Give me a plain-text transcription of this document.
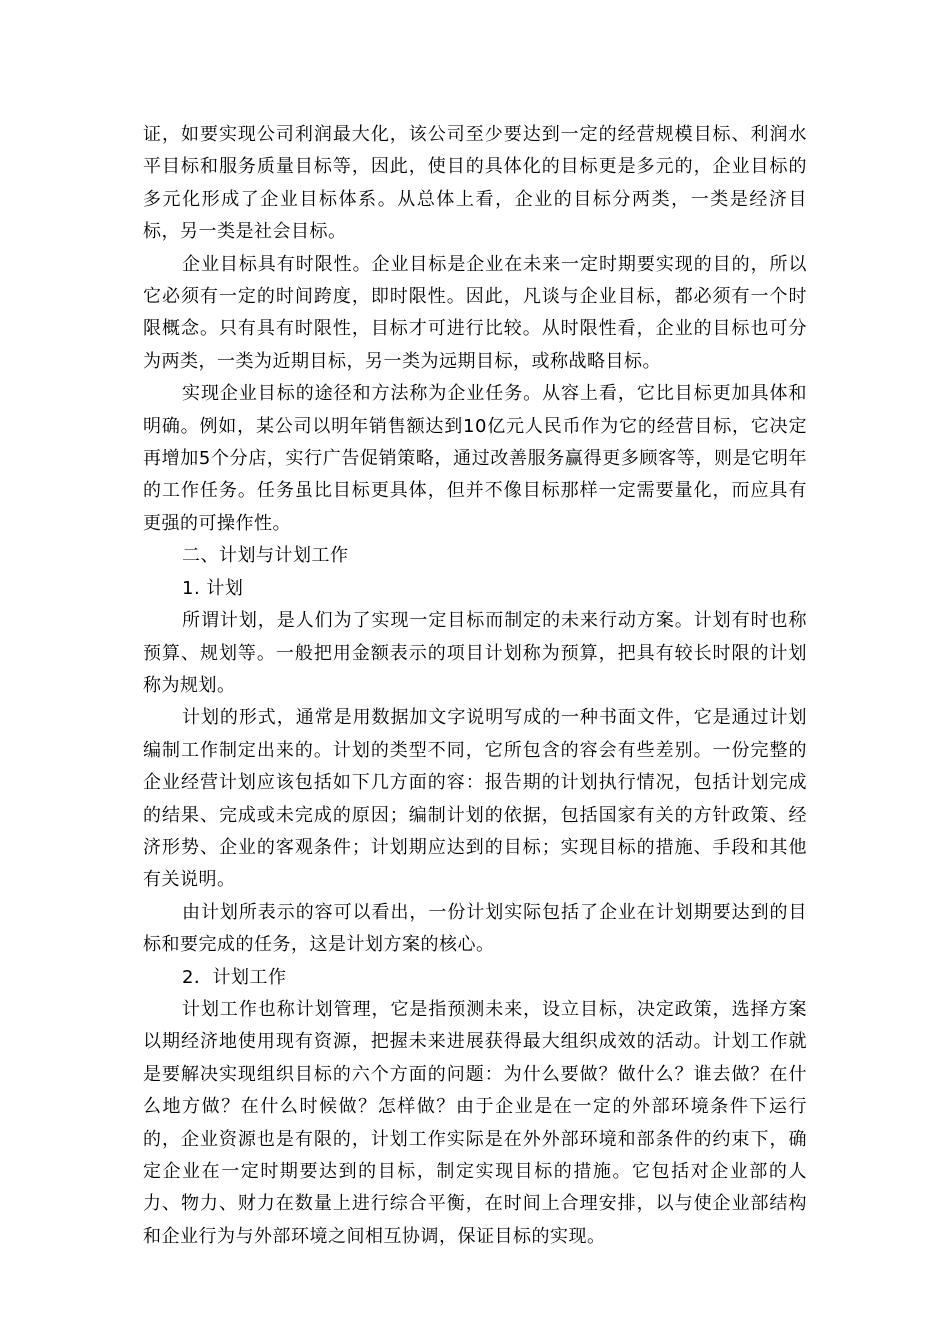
证，如要实现公司利润最大化，该公司至少要达到一定的经营规模目标、利润水平目标和服务质量目标等，因此，使目的具体化的目标更是多元的，企业目标的多元化形成了企业目标体系。从总体上看，企业的目标分两类，一类是经济目标，另一类是社会目标。

企业目标具有时限性。企业目标是企业在未来一定时期要实现的目的，所以它必须有一定的时间跨度，即时限性。因此，凡谈与企业目标，都必须有一个时限概念。只有具有时限性，目标才可进行比较。从时限性看，企业的目标也可分为两类，一类为近期目标，另一类为远期目标，或称战略目标。

实现企业目标的途径和方法称为企业任务。从容上看，它比目标更加具体和明确。例如，某公司以明年销售额达到10亿元人民币作为它的经营目标，它决定再增加5个分店，实行广告促销策略，通过改善服务赢得更多顾客等，则是它明年的工作任务。任务虽比目标更具体，但并不像目标那样一定需要量化，而应具有更强的可操作性。

二、计划与计划工作

1. 计划

所谓计划，是人们为了实现一定目标而制定的未来行动方案。计划有时也称预算、规划等。一般把用金额表示的项目计划称为预算，把具有较长时限的计划称为规划。

计划的形式，通常是用数据加文字说明写成的一种书面文件，它是通过计划编制工作制定出来的。计划的类型不同，它所包含的容会有些差别。一份完整的企业经营计划应该包括如下几方面的容：报告期的计划执行情况，包括计划完成的结果、完成或未完成的原因；编制计划的依据，包括国家有关的方针政策、经济形势、企业的客观条件；计划期应达到的目标；实现目标的措施、手段和其他有关说明。

由计划所表示的容可以看出，一份计划实际包括了企业在计划期要达到的目标和要完成的任务，这是计划方案的核心。

2．计划工作

计划工作也称计划管理，它是指预测未来，设立目标，决定政策，选择方案以期经济地使用现有资源，把握未来进展获得最大组织成效的活动。计划工作就是要解决实现组织目标的六个方面的问题：为什么要做？做什么？谁去做？在什么地方做？在什么时候做？怎样做？由于企业是在一定的外部环境条件下运行的，企业资源也是有限的，计划工作实际是在外外部环境和部条件的约束下，确定企业在一定时期要达到的目标，制定实现目标的措施。它包括对企业部的人力、物力、财力在数量上进行综合平衡，在时间上合理安排，以与使企业部结构和企业行为与外部环境之间相互协调，保证目标的实现。
